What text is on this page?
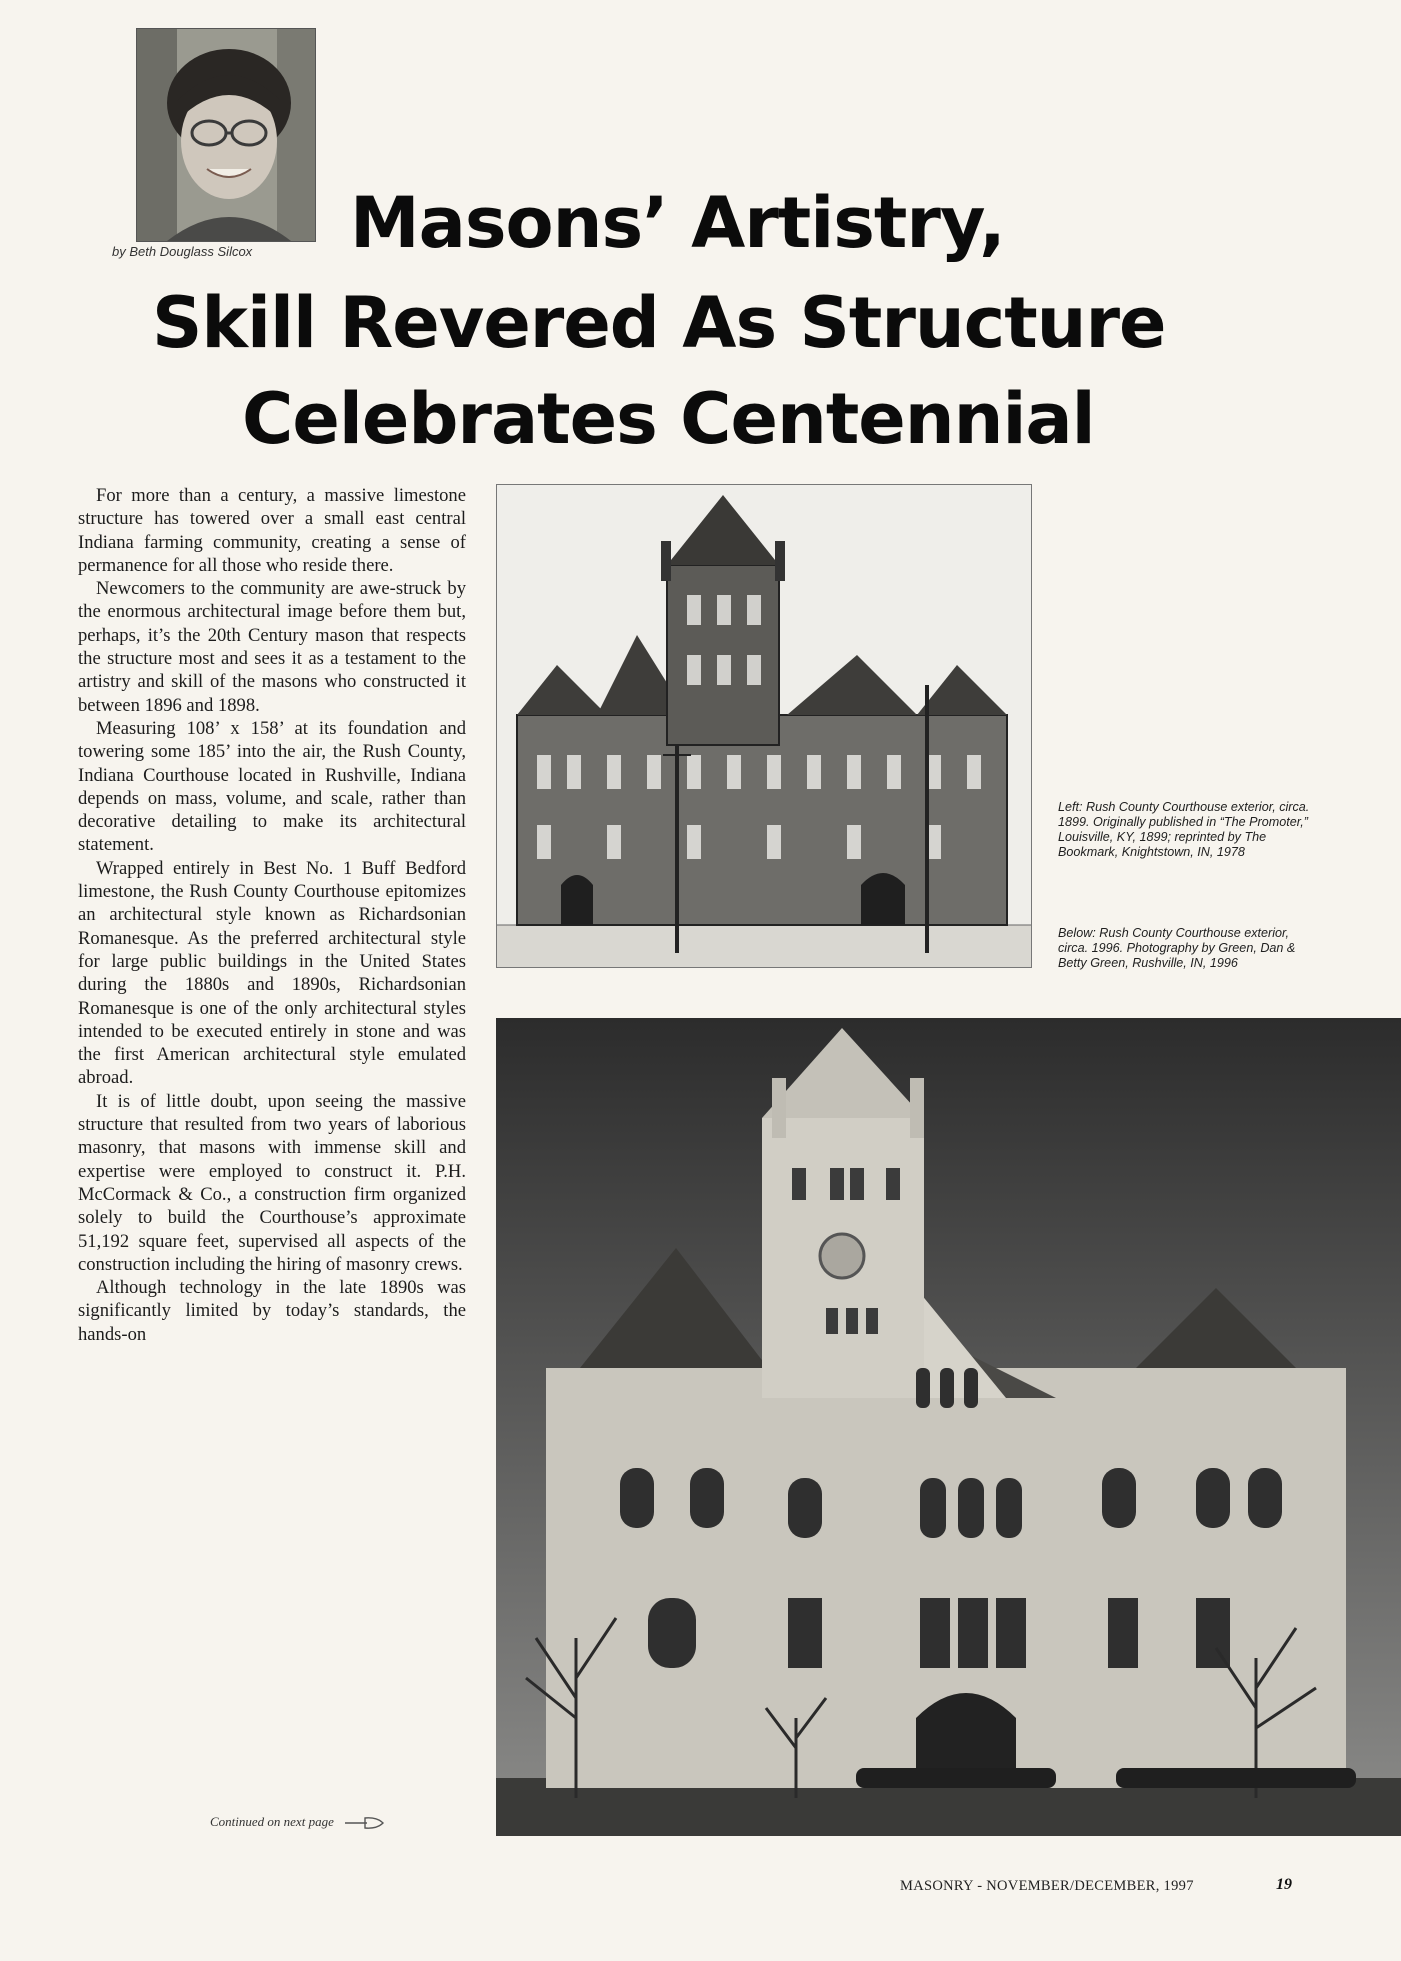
by Beth Douglass Silcox Masons’ Artistry,
Skill Revered As Structure
Celebrates Centennial

For more than a century, a massive limestone structure has towered over a small east central Indiana farming community, creating a sense of permanence for all those who reside there.

Newcomers to the community are awe-struck by the enormous architectural image before them but, perhaps, it’s the 20th Century mason that respects the structure most and sees it as a testament to the artistry and skill of the masons who constructed it between 1896 and 1898.

Measuring 108’ x 158’ at its foundation and towering some 185’ into the air, the Rush County, Indiana Courthouse located in Rushville, Indiana depends on mass, volume, and scale, rather than decorative detailing to make its architectural statement.

Wrapped entirely in Best No. 1 Buff Bedford limestone, the Rush County Courthouse epitomizes an architectural style known as Richardsonian Romanesque. As the preferred architectural style for large public buildings in the United States during the 1880s and 1890s, Richardsonian Romanesque is one of the only architectural styles intended to be executed entirely in stone and was the first American architectural style emulated abroad.

It is of little doubt, upon seeing the massive structure that resulted from two years of laborious masonry, that masons with immense skill and expertise were employed to construct it. P.H. McCormack & Co., a construction firm organized solely to build the Courthouse’s approximate 51,192 square feet, supervised all aspects of the construction including the hiring of masonry crews.

Although technology in the late 1890s was significantly limited by today’s standards, the hands-on

Continued on next page
Left: Rush County Courthouse exterior, circa. 1899. Originally published in “The Promoter,” Louisville, KY, 1899; reprinted by The Bookmark, Knightstown, IN, 1978
Below: Rush County Courthouse exterior, circa. 1996. Photography by Green, Dan & Betty Green, Rushville, IN, 1996
MASONRY - NOVEMBER/DECEMBER, 1997	19
